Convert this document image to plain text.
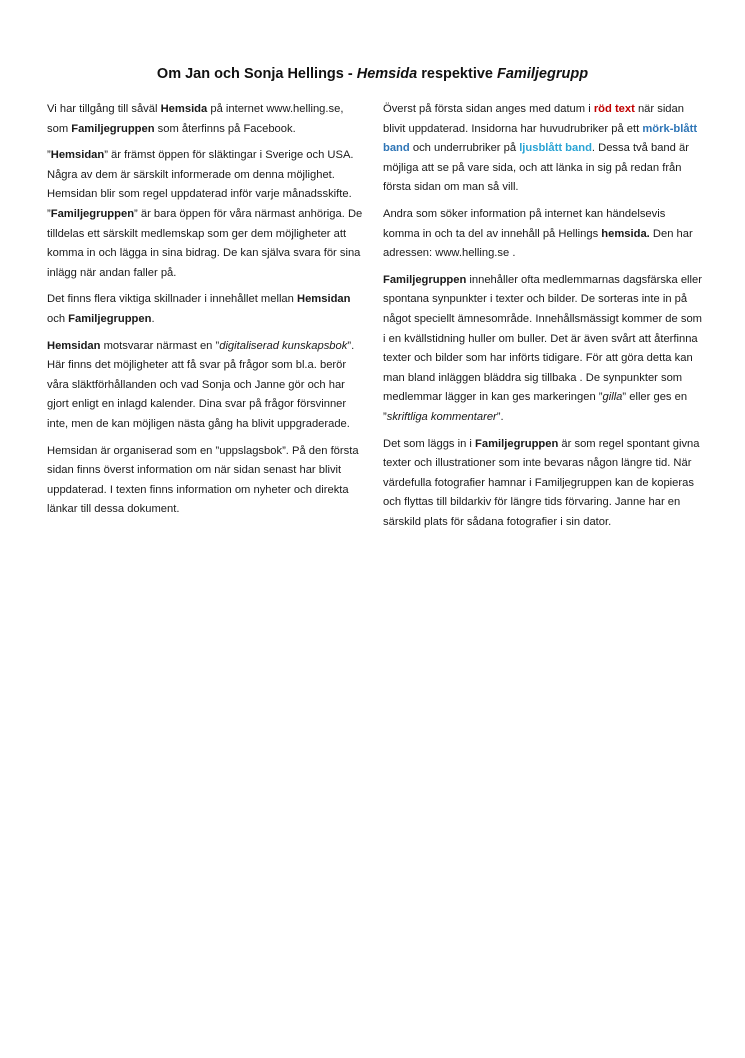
Om Jan och Sonja Hellings - Hemsida respektive Familjegrupp

Vi har tillgång till såväl Hemsida på internet www.helling.se, som Familjegruppen som återfinns på Facebook.

”Hemsidan” är främst öppen för släktingar i Sverige och USA. Några av dem är särskilt informerade om denna möjlighet. Hemsidan blir som regel uppdaterad inför varje månadsskifte. ”Familjegruppen” är bara öppen för våra närmast anhöriga. De tilldelas ett särskilt medlemskap som ger dem möjligheter att komma in och lägga in sina bidrag. De kan själva svara för sina inlägg när andan faller på.

Det finns flera viktiga skillnader i innehållet mellan Hemsidan och Familjegruppen.

Hemsidan motsvarar närmast en ”digitaliserad kunskapsbok”. Här finns det möjligheter att få svar på frågor som bl.a. berör våra släktförhållanden och vad Sonja och Janne gör och har gjort enligt en inlagd kalender. Dina svar på frågor försvinner inte, men de kan möjligen nästa gång ha blivit uppgraderade.

Hemsidan är organiserad som en ”uppslagsbok”. På den första sidan finns överst information om när sidan senast har blivit uppdaterad. I texten finns information om nyheter och direkta länkar till dessa dokument.

Överst på första sidan anges med datum i röd text när sidan blivit uppdaterad. Insidorna har huvudrubriker på ett mörk-blått band och underrubriker på ljusblått band. Dessa två band är möjliga att se på vare sida, och att länka in sig på redan från första sidan om man så vill.

Andra som söker information på internet kan händelsevis komma in och ta del av innehåll på Hellings hemsida. Den har adressen: www.helling.se .

Familjegruppen innehåller ofta medlemmarnas dagsfärska eller spontana synpunkter i texter och bilder. De sorteras inte in på något speciellt ämnesområde. Innehållsmässigt kommer de som i en kvällstidning huller om buller. Det är även svårt att återfinna texter och bilder som har införts tidigare. För att göra detta kan man bland inläggen bläddra sig tillbaka . De synpunkter som medlemmar lägger in kan ges markeringen ”gilla” eller ges en ”skriftliga kommentarer”.

Det som läggs in i Familjegruppen är som regel spontant givna texter och illustrationer som inte bevaras någon längre tid. När värdefulla fotografier hamnar i Familjegruppen kan de kopieras och flyttas till bildarkiv för längre tids förvaring. Janne har en särskild plats för sådana fotografier i sin dator.
